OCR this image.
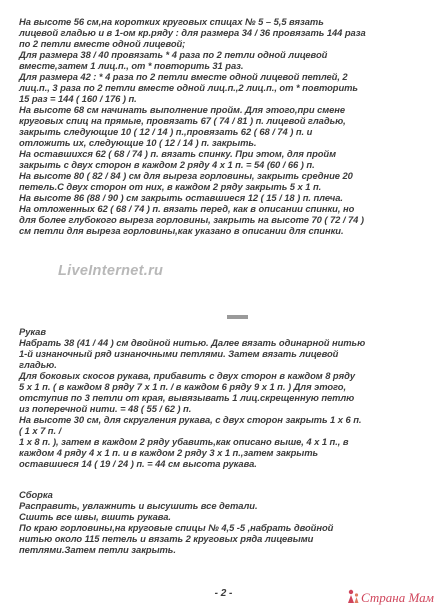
На высоте 56 см,на коротких круговых спицах № 5 – 5,5 вязать
лицевой гладью и в 1-ом кр.ряду : для размера 34 / 36 провязать 144 раза
по 2 петли вместе одной лицевой;
Для размера 38 / 40 провязать * 4 раза по 2 петли одной лицевой
вместе,затем 1 лиц.п., от * повторить 31 раз.
Для размера 42 : * 4 раза по 2 петли вместе одной лицевой петлей, 2
лиц.п., 3 раза по 2 петли вместе одной лиц.п.,2 лиц.п., от * повторить
15 раз = 144 ( 160 / 176 ) п.
На высоте 68 см начинать выполнение пройм. Для этого,при смене
круговых спиц на прямые, провязать 67 ( 74 / 81 ) п. лицевой гладью,
закрыть следующие 10 ( 12 / 14 ) п.,провязать 62 ( 68 / 74 ) п. и
отложить их, следующие 10 ( 12 / 14 ) п. закрыть.
На оставшихся 62 ( 68 / 74 ) п. вязать спинку. При этом, для пройм
закрыть с двух сторон в каждом 2 ряду 4 х 1 п. = 54 (60 / 66 ) п.
На высоте 80 ( 82 / 84 ) см для выреза горловины, закрыть средние 20
петель.С двух сторон от них, в каждом 2 ряду закрыть 5 х 1 п.
На высоте 86 (88 / 90 ) см закрыть оставшиеся 12 ( 15 / 18 ) п. плеча.
На отложенных 62 ( 68 / 74 ) п. вязать перед, как в описании спинки, но
для более глубокого выреза горловины, закрыть на высоте 70 ( 72 / 74 )
см петли для выреза горловины,как указано в описании для спинки.
LiveInternet.ru
Рукав
Набрать 38 (41 / 44 ) см двойной нитью. Далее вязать одинарной нитью
1-й изнаночный ряд изнаночными петлями. Затем вязать лицевой
гладью.
Для боковых скосов рукава, прибавить с двух сторон в каждом 8 ряду
5 х 1 п. ( в каждом 8 ряду 7 х 1 п. / в каждом 6 ряду 9 х 1 п. ) Для этого,
отступив по 3 петли от края, вывязывать 1 лиц.скрещенную петлю
из поперечной нити. = 48 ( 55 / 62 ) п.
На высоте 30 см, для скругления рукава, с двух сторон закрыть 1 х 6 п.
( 1 х 7 п. /
1 х 8 п. ), затем в каждом 2 ряду убавить,как описано выше, 4 х 1 п., в
каждом 4 ряду 4 х 1 п. и в каждом 2 ряду 3 х 1 п.,затем закрыть
оставшиеся 14 ( 19 / 24 ) п. = 44 см высота рукава.
Сборка
Расправить, увлажнить и высушить все детали.
Сшить все швы, вшить рукава.
По краю горловины,на круговые спицы № 4,5 -5 ,набрать двойной
нитью около 115 петель и вязать 2 круговых ряда лицевыми
петлями.Затем петли закрыть.
- 2 -	Страна Мам
